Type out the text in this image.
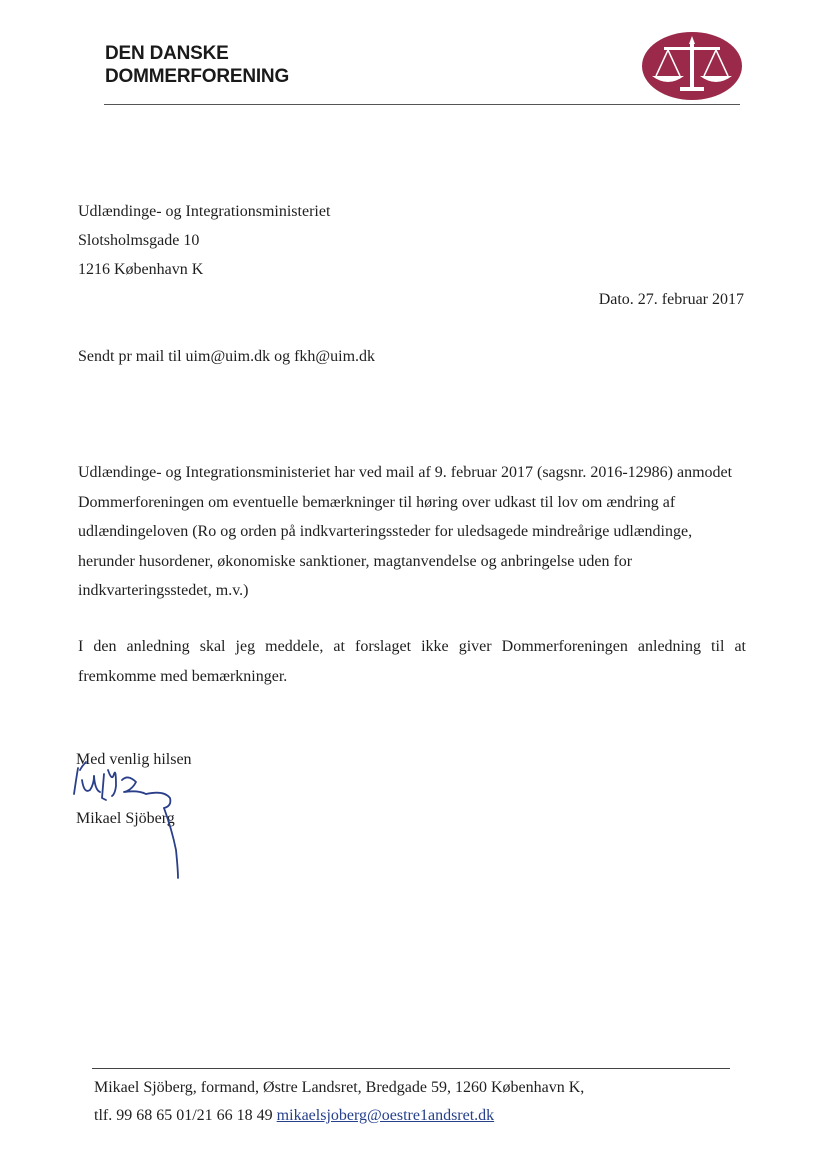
DEN DANSKE
DOMMERFORENING
Udlændinge- og Integrationsministeriet
Slotsholmsgade 10
1216 København K
Dato. 27. februar 2017
Sendt pr mail til uim@uim.dk og fkh@uim.dk
Udlændinge- og Integrationsministeriet har ved mail af 9. februar 2017 (sagsnr. 2016-12986) anmodet
Dommerforeningen om eventuelle bemærkninger til høring over udkast til lov om ændring af
udlændingeloven (Ro og orden på indkvarteringssteder for uledsagede mindreårige udlændinge,
herunder husordener, økonomiske sanktioner, magtanvendelse og anbringelse uden for
indkvarteringsstedet, m.v.)
I den anledning skal jeg meddele, at forslaget ikke giver Dommerforeningen anledning til at fremkomme med bemærkninger.
Med venlig hilsen
Mikael Sjöberg
Mikael Sjöberg, formand, Østre Landsret, Bredgade 59, 1260 København K,
tlf. 99 68 65 01/21 66 18 49 mikaelsjoberg@oestre1andsret.dk
